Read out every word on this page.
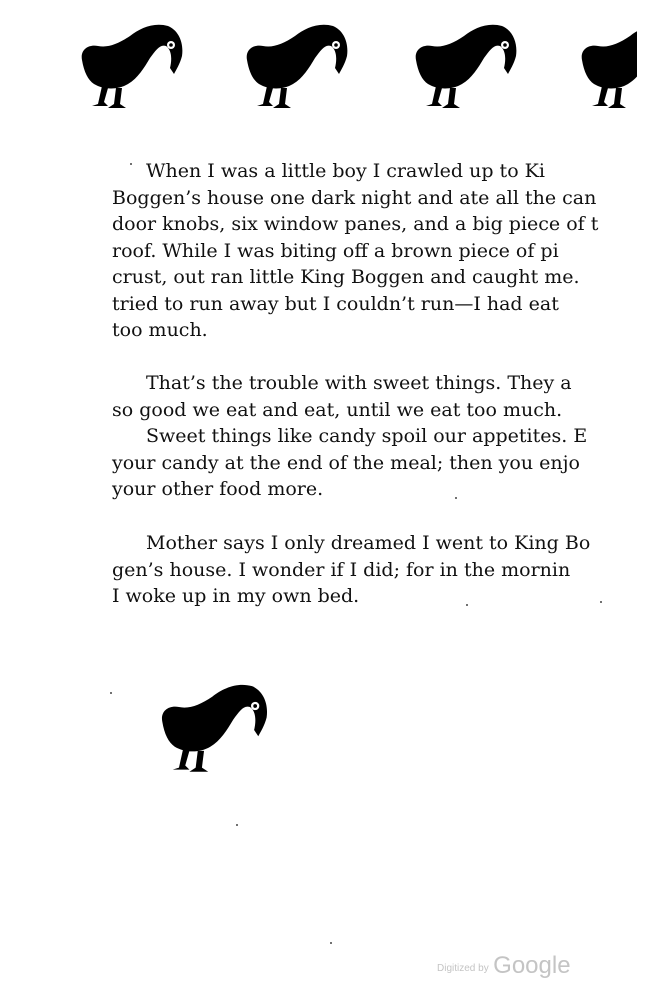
When I was a little boy I crawled up to Ki
Boggen’s house one dark night and ate all the can
door knobs, six window panes, and a big piece of t
roof. While I was biting off a brown piece of pi
crust, out ran little King Boggen and caught me.
tried to run away but I couldn’t run—I had eat
too much.
That’s the trouble with sweet things. They a
so good we eat and eat, until we eat too much.
Sweet things like candy spoil our appetites. E
your candy at the end of the meal; then you enjo
your other food more.
Mother says I only dreamed I went to King Bo
gen’s house. I wonder if I did; for in the mornin
I woke up in my own bed.
Digitized by Google
